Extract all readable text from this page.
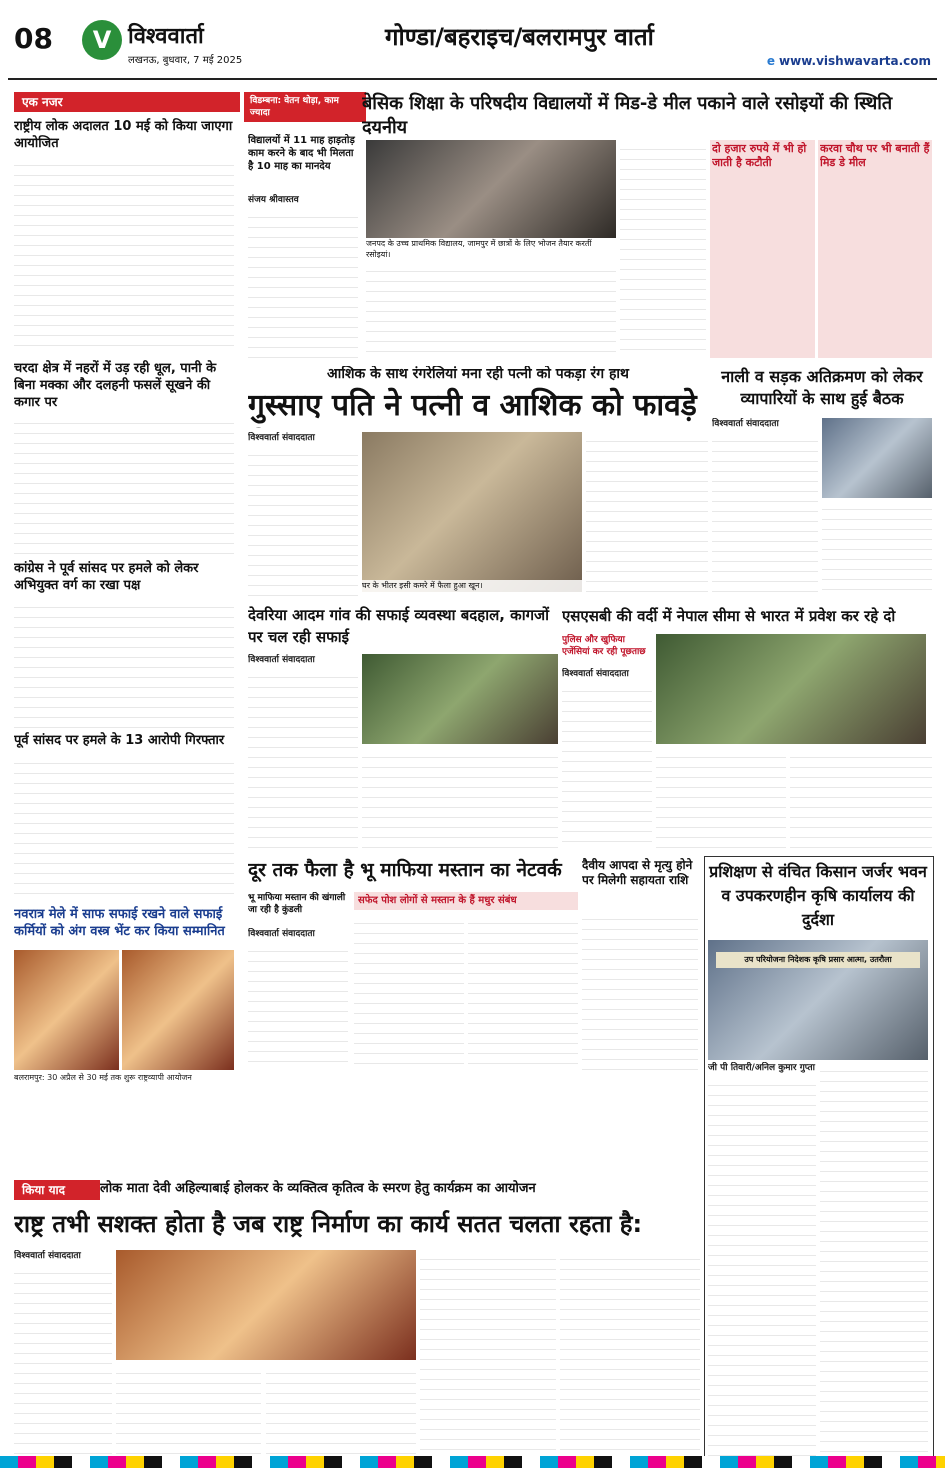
08	V विश्ववार्ता
लखनऊ, बुधवार, 7 मई 2025
गोण्डा/बहराइच/बलरामपुर वार्ता
e www.vishwavarta.com
एक नजर
राष्ट्रीय लोक अदालत 10 मई को किया जाएगा आयोजित
चरदा क्षेत्र में नहरों में उड़ रही धूल, पानी के बिना मक्का और दलहनी फसलें सूखने की कगार पर
कांग्रेस ने पूर्व सांसद पर हमले को लेकर अभियुक्त वर्ग का रखा पक्ष
पूर्व सांसद पर हमले के 13 आरोपी गिरफ्तार
नवरात्र मेले में साफ सफाई रखने वाले सफाई कर्मियों को अंग वस्त्र भेंट कर किया सम्मानित
बलरामपुर: 30 अप्रैल से 30 मई तक शुरू राष्ट्रव्यापी आयोजन
विडम्बना: वेतन थोड़ा, काम ज्यादा	बेसिक शिक्षा के परिषदीय विद्यालयों में मिड-डे मील पकाने वाले रसोइयों की स्थिति दयनीय
विद्यालयों में 11 माह हाड़तोड़ काम करने के बाद भी मिलता है 10 माह का मानदेय
संजय श्रीवास्तव
जनपद के उच्च प्राथमिक विद्यालय, जामपुर में छात्रों के लिए भोजन तैयार करतीं रसोइयां।
दो हजार रुपये में भी हो जाती है कटौती
करवा चौथ पर भी बनाती हैं मिड डे मील
आशिक के साथ रंगरेलियां मना रही पत्नी को पकड़ा रंग हाथ
गुस्साए पति ने पत्नी व आशिक को फावड़े
विश्ववार्ता संवाददाता
घर के भीतर इसी कमरे में फैला हुआ खून।
नाली व सड़क अतिक्रमण को लेकर व्यापारियों के साथ हुई बैठक
विश्ववार्ता संवाददाता
देवरिया आदम गांव की सफाई व्यवस्था बदहाल, कागजों पर चल रही सफाई
विश्ववार्ता संवाददाता
एसएसबी की वर्दी में नेपाल सीमा से भारत में प्रवेश कर रहे दो
पुलिस और खुफिया एजेंसियां कर रही पूछताछ
विश्ववार्ता संवाददाता
दूर तक फैला है भू माफिया मस्तान का नेटवर्क
भू माफिया मस्तान की खंगाली जा रही है कुंडली
सफेद पोश लोगों से मस्तान के हैं मधुर संबंध
विश्ववार्ता संवाददाता
दैवीय आपदा से मृत्यु होने पर मिलेगी सहायता राशि	प्रशिक्षण से वंचित किसान जर्जर भवन व उपकरणहीन कृषि कार्यालय की दुर्दशा
उप परियोजना निदेशक कृषि प्रसार आत्मा, उतरौला
जी पी तिवारी/अनिल कुमार गुप्ता
किया याद	लोक माता देवी अहिल्याबाई होलकर के व्यक्तित्व कृतित्व के स्मरण हेतु कार्यक्रम का आयोजन
राष्ट्र तभी सशक्त होता है जब राष्ट्र निर्माण का कार्य सतत चलता रहता है:
विश्ववार्ता संवाददाता
